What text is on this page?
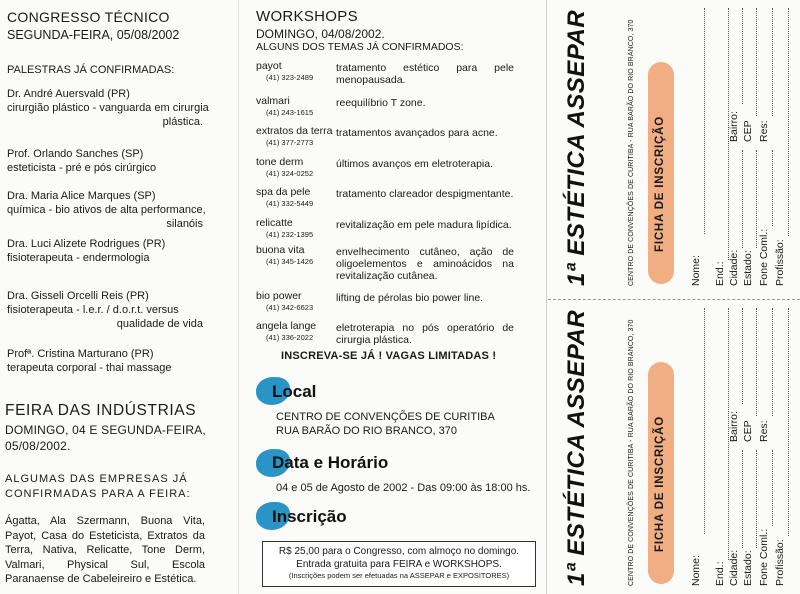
CONGRESSO TÉCNICO
SEGUNDA-FEIRA, 05/08/2002
PALESTRAS JÁ CONFIRMADAS:
Dr. André Auersvald (PR)
cirurgião plástico - vanguarda em cirurgia
plástica.
Prof. Orlando Sanches (SP)
esteticista - pré e pós cirúrgico
Dra. Maria Alice Marques (SP)
química - bio ativos de alta performance,
silanóis
Dra. Luci Alizete Rodrigues (PR)
fisioterapeuta - endermologia
Dra. Gisseli Orcelli Reis (PR)
fisioterapeuta - l.e.r. / d.o.r.t. versus
qualidade de vida
Profª. Cristina Marturano (PR)
terapeuta corporal - thai massage
FEIRA DAS INDÚSTRIAS
DOMINGO, 04 E SEGUNDA-FEIRA,
05/08/2002.
ALGUMAS DAS EMPRESAS JÁ
CONFIRMADAS PARA A FEIRA:
Ágatta, Ala Szermann, Buona Vita, Payot, Casa do Esteticista, Extratos da Terra, Nativa, Relicatte, Tone Derm, Valmari, Physical Sul, Escola Paranaense de Cabeleireiro e Estética.
WORKSHOPS
DOMINGO, 04/08/2002.
ALGUNS DOS TEMAS JÁ CONFIRMADOS:
payot
(41) 323-2489
tratamento estético para pele menopausada.
valmari
(41) 243-1615
reequilíbrio T zone.
extratos da terra
(41) 377-2773
tratamentos avançados para acne.
tone derm
(41) 324-0252
últimos avanços em eletroterapia.
spa da pele
(41) 332-5449
tratamento clareador despigmentante.
relicatte
(41) 232-1395
revitalização em pele madura lipídica.
buona vita
(41) 345-1426
envelhecimento cutâneo, ação de oligoelementos e aminoácidos na revitalização cutânea.
bio power
(41) 342-6623
lifting de pérolas bio power line.
angela lange
(41) 336-2022
eletroterapia no pós operatório de cirurgia plástica.
INSCREVA-SE JÁ ! VAGAS LIMITADAS !
Local
CENTRO DE CONVENÇÕES DE CURITIBA
RUA BARÃO DO RIO BRANCO, 370
Data e Horário
04 e 05 de Agosto de 2002 - Das 09:00 às 18:00 hs.
Inscrição
R$ 25,00 para o Congresso, com almoço no domingo.
Entrada gratuita para FEIRA e WORKSHOPS.
(Inscrições podem ser efetuadas na ASSEPAR e EXPOSITORES)
1ª ESTÉTICA ASSEPAR	CENTRO DE CONVENÇÕES DE CURITIBA - RUA BARÃO DO RIO BRANCO, 370 FICHA DE INSCRIÇÃO
Nome: End.: Cidade:
Bairro:
Estado:
CEP
Fone Coml.:
Res:
Profissão:
1ª ESTÉTICA ASSEPAR	CENTRO DE CONVENÇÕES DE CURITIBA - RUA BARÃO DO RIO BRANCO, 370 FICHA DE INSCRIÇÃO
Nome: End.: Cidade:
Bairro:
Estado:
CEP
Fone Coml.:
Res:
Profissão:
